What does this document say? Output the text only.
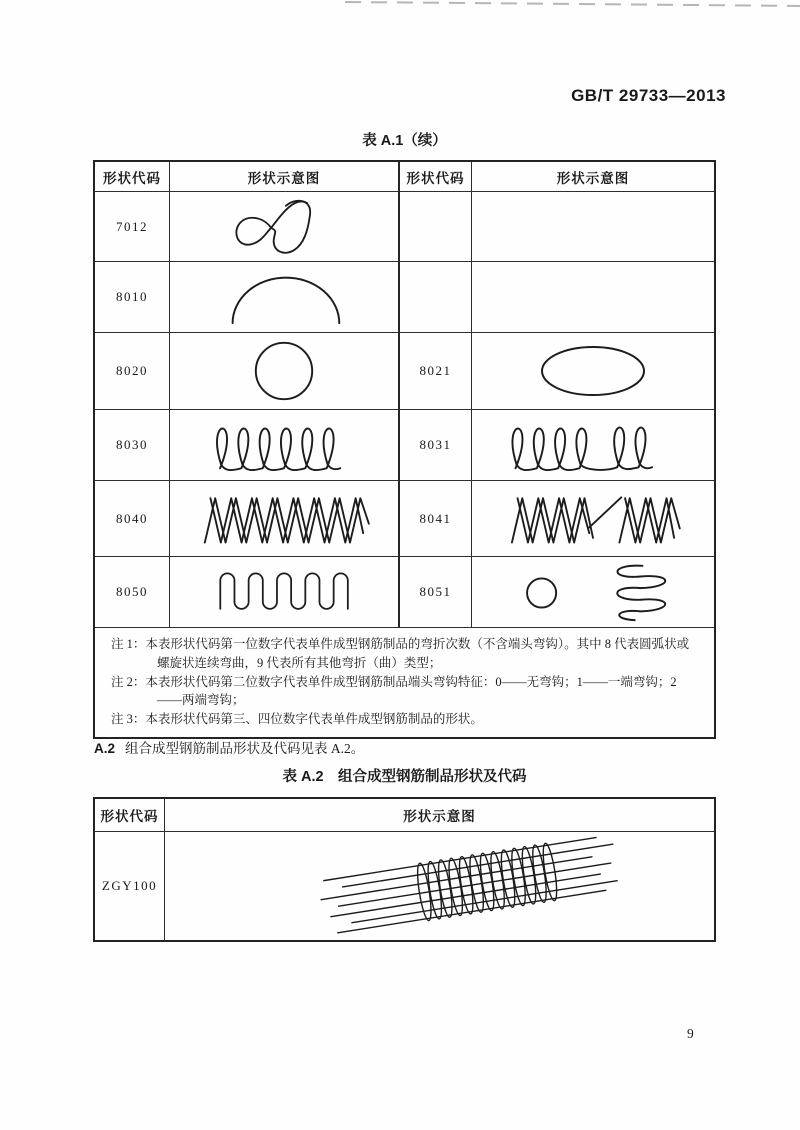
GB/T 29733—2013
表 A.1（续）
形状代码	形状示意图	形状代码	形状示意图
7012
8010
8020	8021
8030	8031
8040	8041
8050	8051

注 1：本表形状代码第一位数字代表单件成型钢筋制品的弯折次数（不含端头弯钩）。其中 8 代表圆弧状或螺旋状连续弯曲，9 代表所有其他弯折（曲）类型；

注 2：本表形状代码第二位数字代表单件成型钢筋制品端头弯钩特征：0——无弯钩；1——一端弯钩；2——两端弯钩；

注 3：本表形状代码第三、四位数字代表单件成型钢筋制品的形状。

A.2 组合成型钢筋制品形状及代码见表 A.2。

表 A.2　组合成型钢筋制品形状及代码
形状代码	形状示意图
ZGY100
9
